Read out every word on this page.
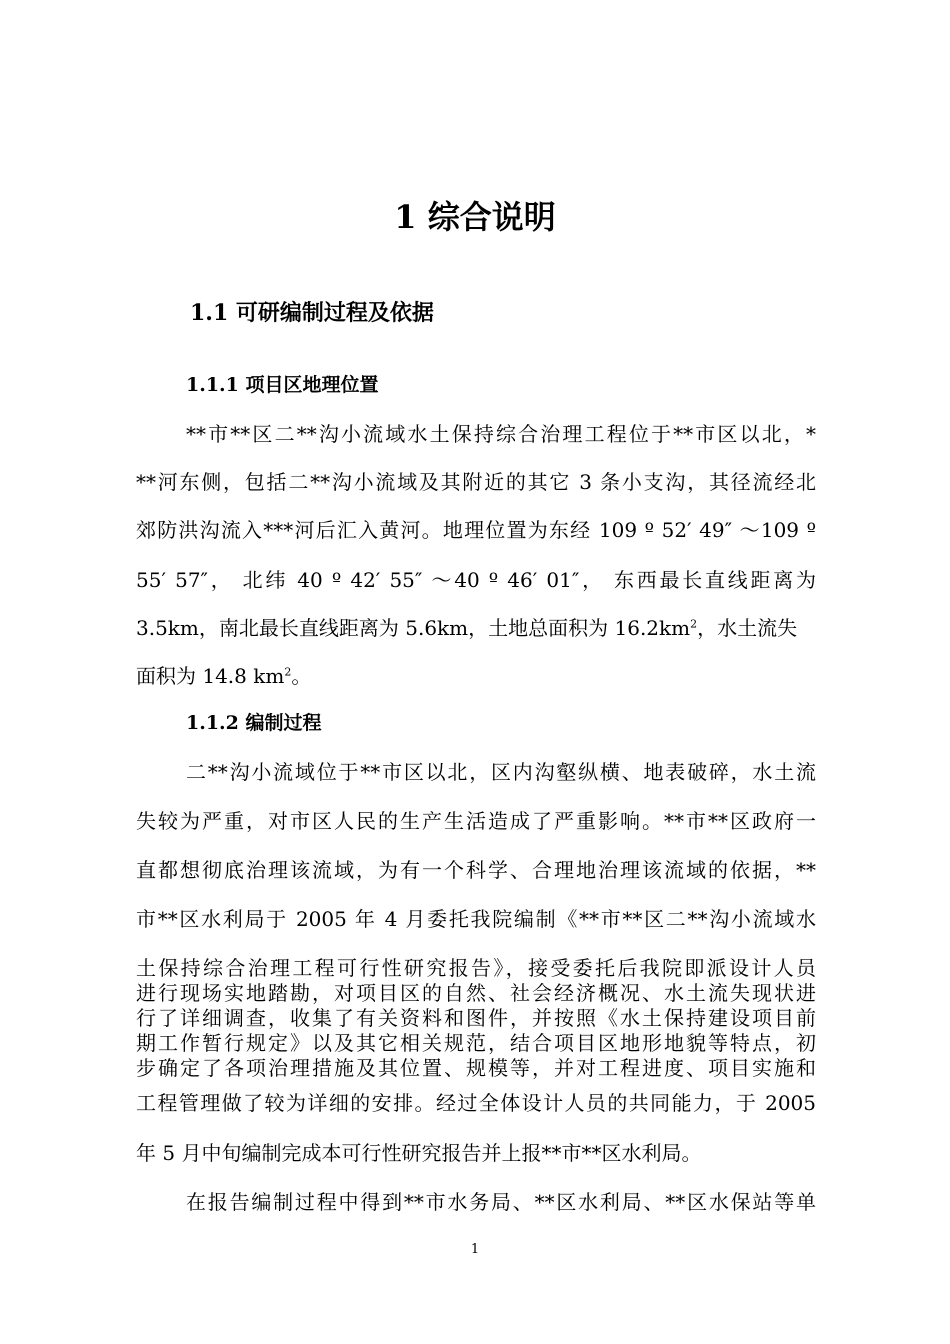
1 综合说明
1.1 可研编制过程及依据
1.1.1 项目区地理位置
**市**区二**沟小流域水土保持综合治理工程位于**市区以北，*
**河东侧，包括二**沟小流域及其附近的其它 3 条小支沟，其径流经北
郊防洪沟流入***河后汇入黄河。地理位置为东经 109 º 52′ 49″ ～109 º
55′ 57″， 北纬 40 º 42′ 55″ ～40 º 46′ 01″， 东西最长直线距离为
3.5km，南北最长直线距离为 5.6km，土地总面积为 $16.2km^2$，水土流失
面积为 14.8 $km^2$。
1.1.2 编制过程
二**沟小流域位于**市区以北，区内沟壑纵横、地表破碎，水土流
失较为严重，对市区人民的生产生活造成了严重影响。**市**区政府一
直都想彻底治理该流域，为有一个科学、合理地治理该流域的依据，**
市**区水利局于 2005 年 4 月委托我院编制《**市**区二**沟小流域水
土保持综合治理工程可行性研究报告》，接受委托后我院即派设计人员
进行现场实地踏勘，对项目区的自然、社会经济概况、水土流失现状进
行了详细调查，收集了有关资料和图件，并按照《水土保持建设项目前
期工作暂行规定》以及其它相关规范，结合项目区地形地貌等特点，初
步确定了各项治理措施及其位置、规模等，并对工程进度、项目实施和
工程管理做了较为详细的安排。经过全体设计人员的共同能力，于 2005
年 5 月中旬编制完成本可行性研究报告并上报**市**区水利局。
在报告编制过程中得到**市水务局、**区水利局、**区水保站等单
1
